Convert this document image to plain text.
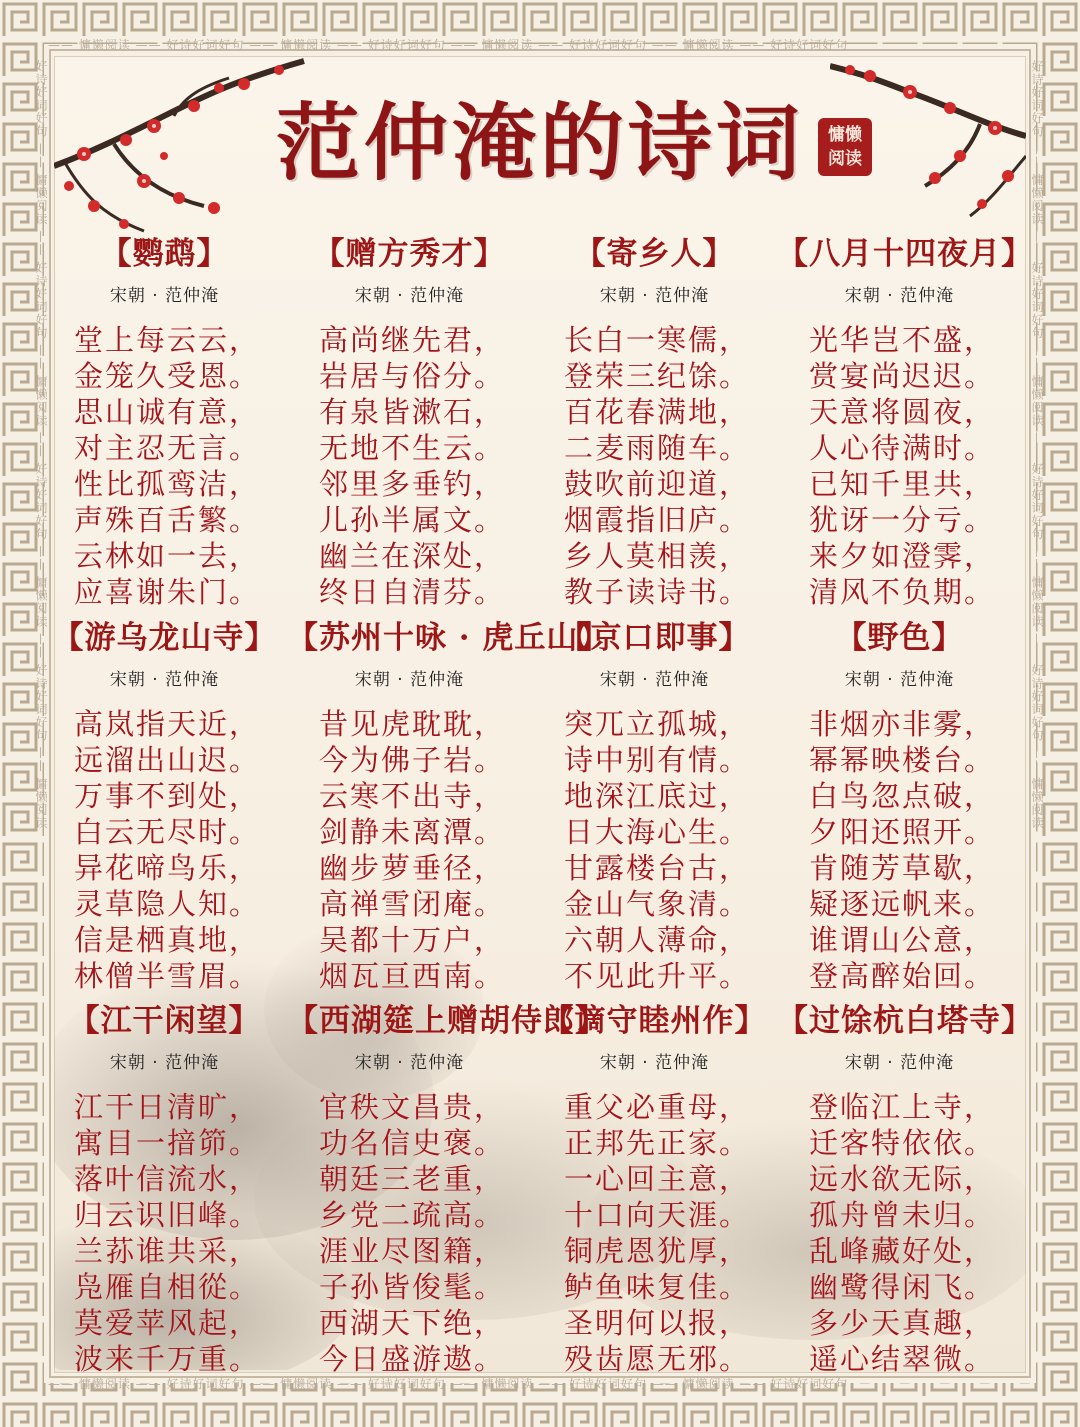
—— 慵懒阅读 —— 好诗好词好句 —— 慵懒阅读 —— 好诗好词好句 —— 慵懒阅读 —— 好诗好词好句 —— 慵懒阅读 —— 好诗好词好句
—— 慵懒阅读 —— 好诗好词好句 —— 慵懒阅读 —— 好诗好词好句 —— 慵懒阅读 —— 好诗好词好句 —— 慵懒阅读 —— 好诗好词好句
好诗好词好句 —— 慵懒阅读 —— 好诗好词好句 —— 慵懒阅读 —— 好诗好词好句 —— 慵懒阅读 —— 好诗好词好句 —— 慵懒阅读	好诗好词好句 —— 慵懒阅读 —— 好诗好词好句 —— 慵懒阅读 —— 好诗好词好句 —— 慵懒阅读 —— 好诗好词好句 —— 慵懒阅读
范仲淹的诗词	慵懒
阅读
【鹦鹉】
宋朝 · 范仲淹
堂上每云云，
金笼久受恩。
思山诚有意，
对主忍无言。
性比孤鸾洁，
声殊百舌繁。
云林如一去，
应喜谢朱门。
【赠方秀才】
宋朝 · 范仲淹
高尚继先君，
岩居与俗分。
有泉皆漱石，
无地不生云。
邻里多垂钓，
儿孙半属文。
幽兰在深处，
终日自清芬。
【寄乡人】
宋朝 · 范仲淹
长白一寒儒，
登荣三纪馀。
百花春满地，
二麦雨随车。
鼓吹前迎道，
烟霞指旧庐。
乡人莫相羡，
教子读诗书。
【八月十四夜月】
宋朝 · 范仲淹
光华岂不盛，
赏宴尚迟迟。
天意将圆夜，
人心待满时。
已知千里共，
犹讶一分亏。
来夕如澄霁，
清风不负期。
【游乌龙山寺】
宋朝 · 范仲淹
高岚指天近，
远溜出山迟。
万事不到处，
白云无尽时。
异花啼鸟乐，
灵草隐人知。
信是栖真地，
林僧半雪眉。
【苏州十咏 · 虎丘山】
宋朝 · 范仲淹
昔见虎耽耽，
今为佛子岩。
云寒不出寺，
剑静未离潭。
幽步萝垂径，
高禅雪闭庵。
吴都十万户，
烟瓦亘西南。
【京口即事】
宋朝 · 范仲淹
突兀立孤城，
诗中别有情。
地深江底过，
日大海心生。
甘露楼台古，
金山气象清。
六朝人薄命，
不见此升平。
【野色】
宋朝 · 范仲淹
非烟亦非雾，
幂幂映楼台。
白鸟忽点破，
夕阳还照开。
肯随芳草歇，
疑逐远帆来。
谁谓山公意，
登高醉始回。
【江干闲望】
宋朝 · 范仲淹
江干日清旷，
寓目一揞笷。
落叶信流水，
归云识旧峰。
兰荪谁共采，
凫雁自相從。
莫爱苹风起，
波来千万重。
【西湖筵上赠胡侍郎】
宋朝 · 范仲淹
官秩文昌贵，
功名信史褒。
朝廷三老重，
乡党二疏高。
涯业尽图籍，
子孙皆俊髦。
西湖天下绝，
今日盛游遨。
【谪守睦州作】
宋朝 · 范仲淹
重父必重母，
正邦先正家。
一心回主意，
十口向天涯。
铜虎恩犹厚，
鲈鱼味复佳。
圣明何以报，
殁齿愿无邪。
【过馀杭白塔寺】
宋朝 · 范仲淹
登临江上寺，
迁客特依依。
远水欲无际，
孤舟曾未归。
乱峰藏好处，
幽鹭得闲飞。
多少天真趣，
遥心结翠微。
